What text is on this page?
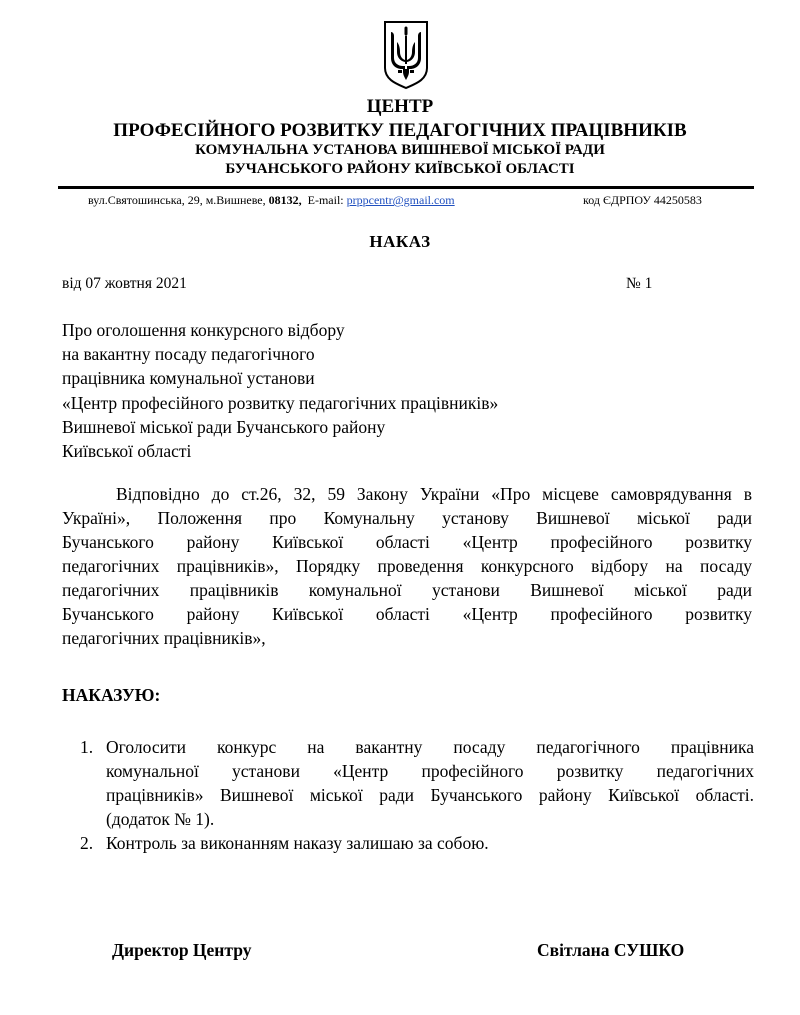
ЦЕНТР
ПРОФЕСІЙНОГО РОЗВИТКУ ПЕДАГОГІЧНИХ ПРАЦІВНИКІВ
КОМУНАЛЬНА УСТАНОВА ВИШНЕВОЇ МІСЬКОЇ РАДИ
БУЧАНСЬКОГО РАЙОНУ КИЇВСЬКОЇ ОБЛАСТІ
вул.Святошинська, 29, м.Вишневе, 08132,  E-mail: prppcentr@gmail.com	код ЄДРПОУ 44250583
НАКАЗ
від 07 жовтня 2021	№ 1
Про оголошення конкурсного відбору
на вакантну посаду педагогічного
працівника комунальної установи
«Центр професійного розвитку педагогічних працівників»
Вишневої міської ради Бучанського району
Київської області
Відповідно до ст.26, 32, 59 Закону України «Про місцеве самоврядування в
Україні», Положення про Комунальну установу Вишневої міської ради
Бучанського району Київської області «Центр професійного розвитку
педагогічних працівників», Порядку проведення конкурсного відбору на посаду
педагогічних працівників комунальної установи Вишневої міської ради
Бучанського району Київської області «Центр професійного розвитку
педагогічних працівників»,
НАКАЗУЮ:
1. Оголосити конкурс на вакантну посаду педагогічного працівника
комунальної установи «Центр професійного розвитку педагогічних
працівників» Вишневої міської ради Бучанського району Київської області.
(додаток № 1).
2. Контроль за виконанням наказу залишаю за собою.
Директор Центру	Світлана СУШКО
